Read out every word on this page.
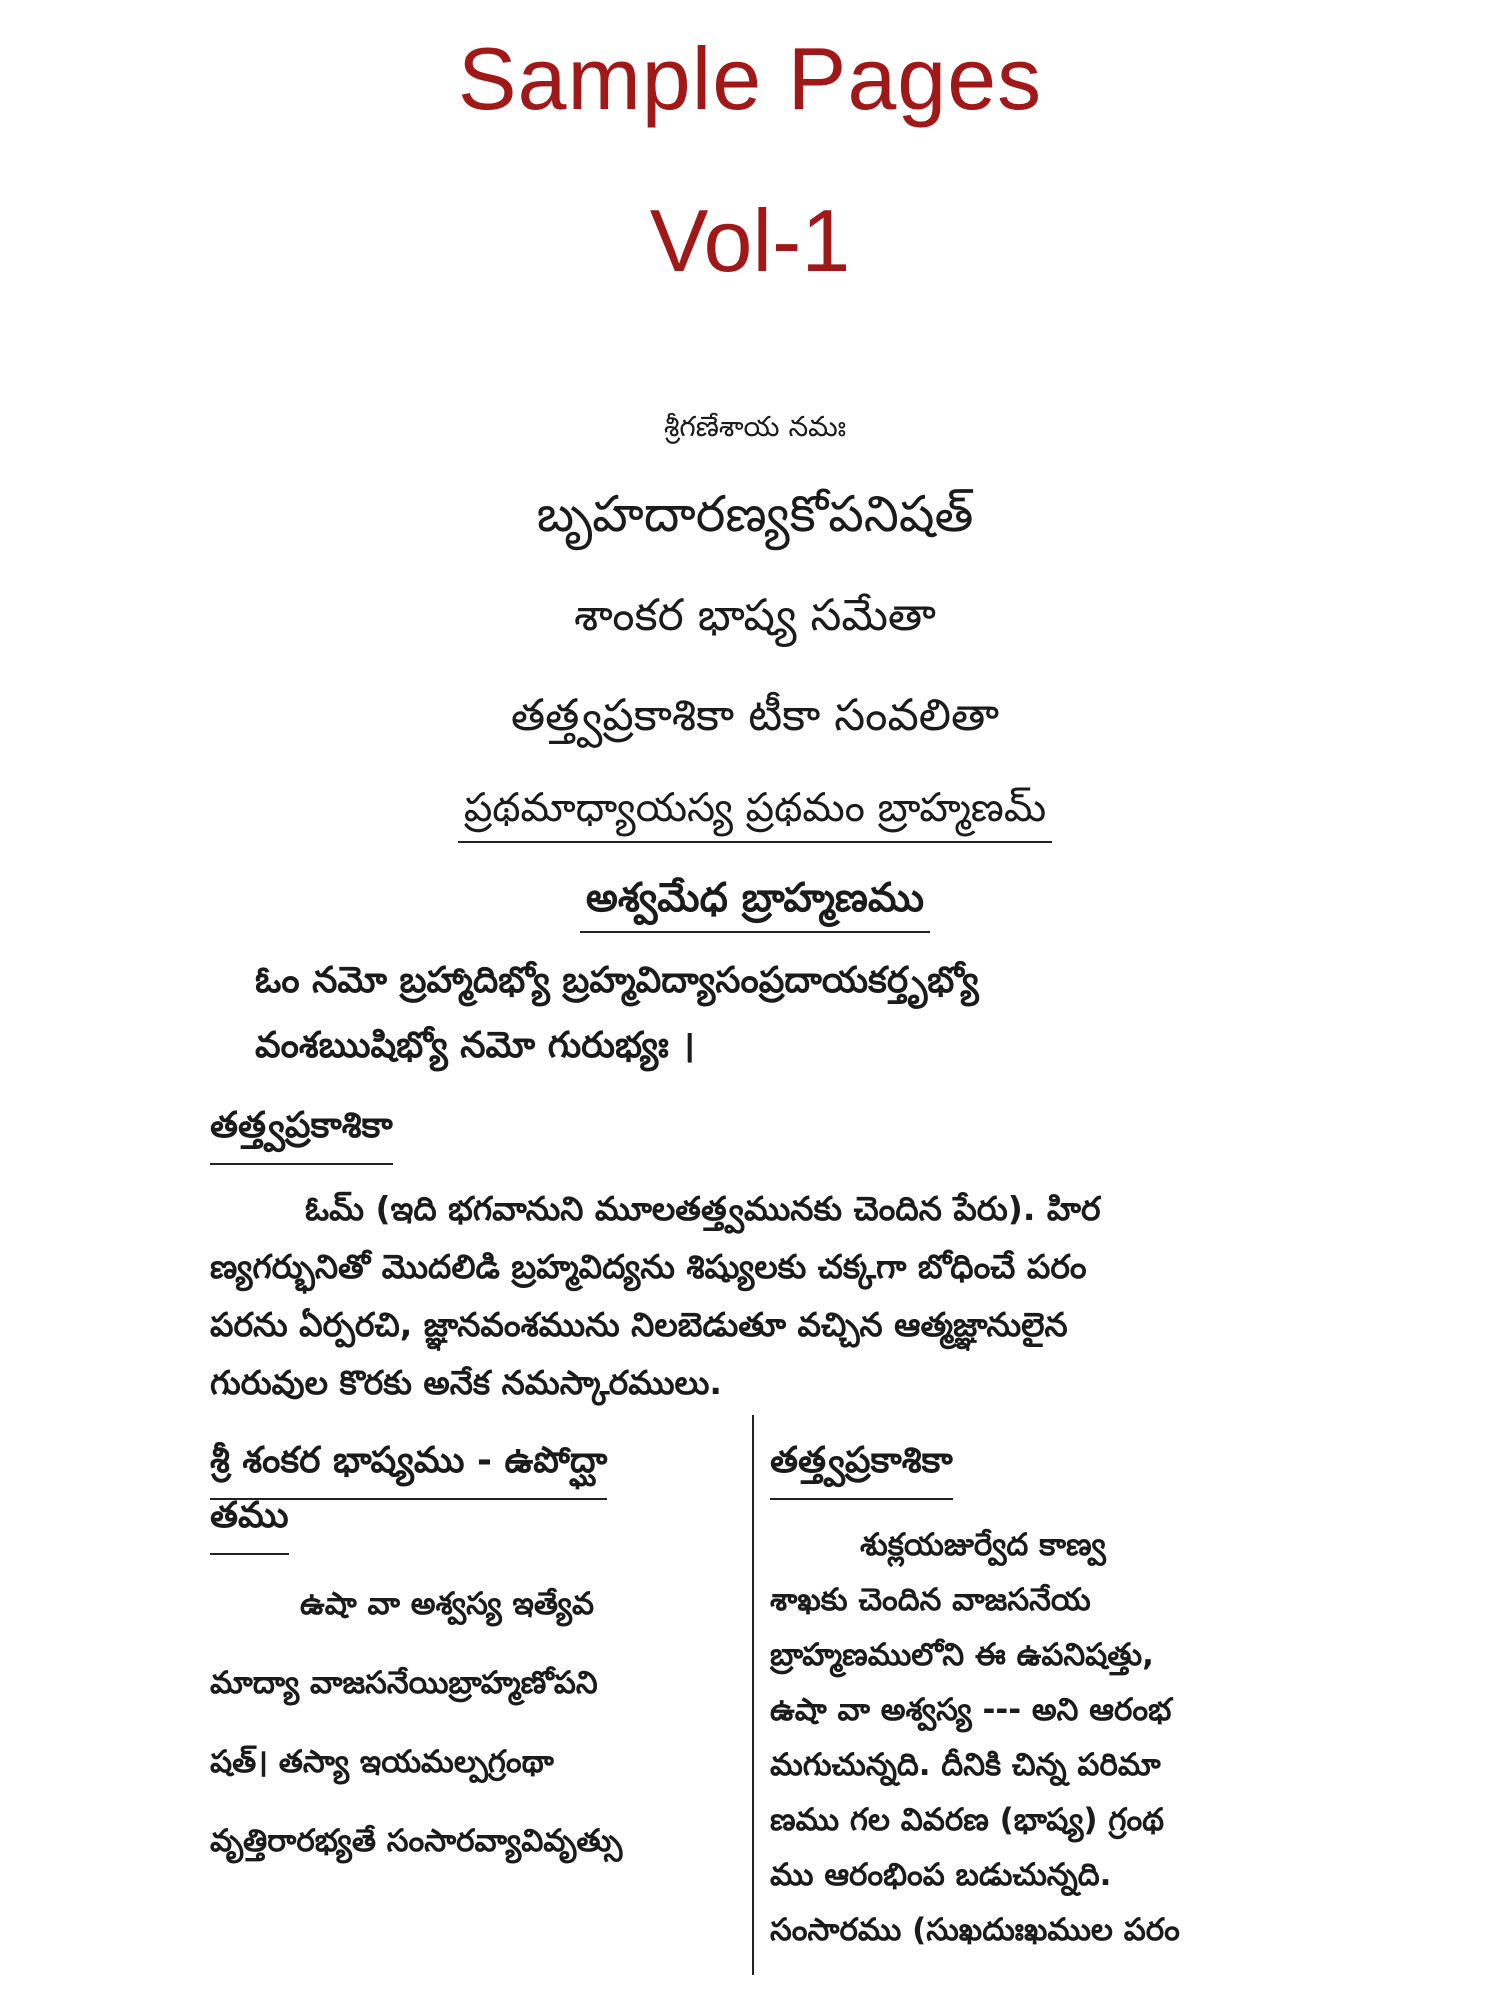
Sample Pages
Vol-1
శ్రీగణేశాయ నమః
బృహదారణ్యకోపనిషత్
శాంకర భాష్య సమేతా
తత్త్వప్రకాశికా టీకా సంవలితా
ప్రథమాధ్యాయస్య ప్రథమం బ్రాహ్మణమ్
అశ్వమేధ బ్రాహ్మణము
ఓం నమో బ్రహ్మాదిభ్యో బ్రహ్మవిద్యాసంప్రదాయకర్తృభ్యో
వంశఋషిభ్యో నమో గురుభ్యః ।
తత్త్వప్రకాశికా
ఓమ్ (ఇది భగవానుని మూలతత్త్వమునకు చెందిన పేరు). హిర
ణ్యగర్భునితో మొదలిడి బ్రహ్మవిద్యను శిష్యులకు చక్కగా బోధించే పరం
పరను ఏర్పరచి, జ్ఞానవంశమును నిలబెడుతూ వచ్చిన ఆత్మజ్ఞానులైన
గురువుల కొరకు అనేక నమస్కారములు.
శ్రీ శంకర భాష్యము - ఉపోద్ఘా
తము
తత్త్వప్రకాశికా
ఉషా వా అశ్వస్య ఇత్యేవ
మాద్యా వాజసనేయిబ్రాహ్మణోపని
షత్। తస్యా ఇయమల్పగ్రంథా
వృత్తిరారభ్యతే సంసారవ్యావివృత్సు
శుక్లయజుర్వేద కాణ్వ
శాఖకు చెందిన వాజసనేయ
బ్రాహ్మణములోని ఈ ఉపనిషత్తు,
ఉషా వా అశ్వస్య --- అని ఆరంభ
మగుచున్నది. దీనికి చిన్న పరిమా
ణము గల వివరణ (భాష్య) గ్రంథ
ము ఆరంభింప బడుచున్నది.
సంసారము (సుఖదుఃఖముల పరం
